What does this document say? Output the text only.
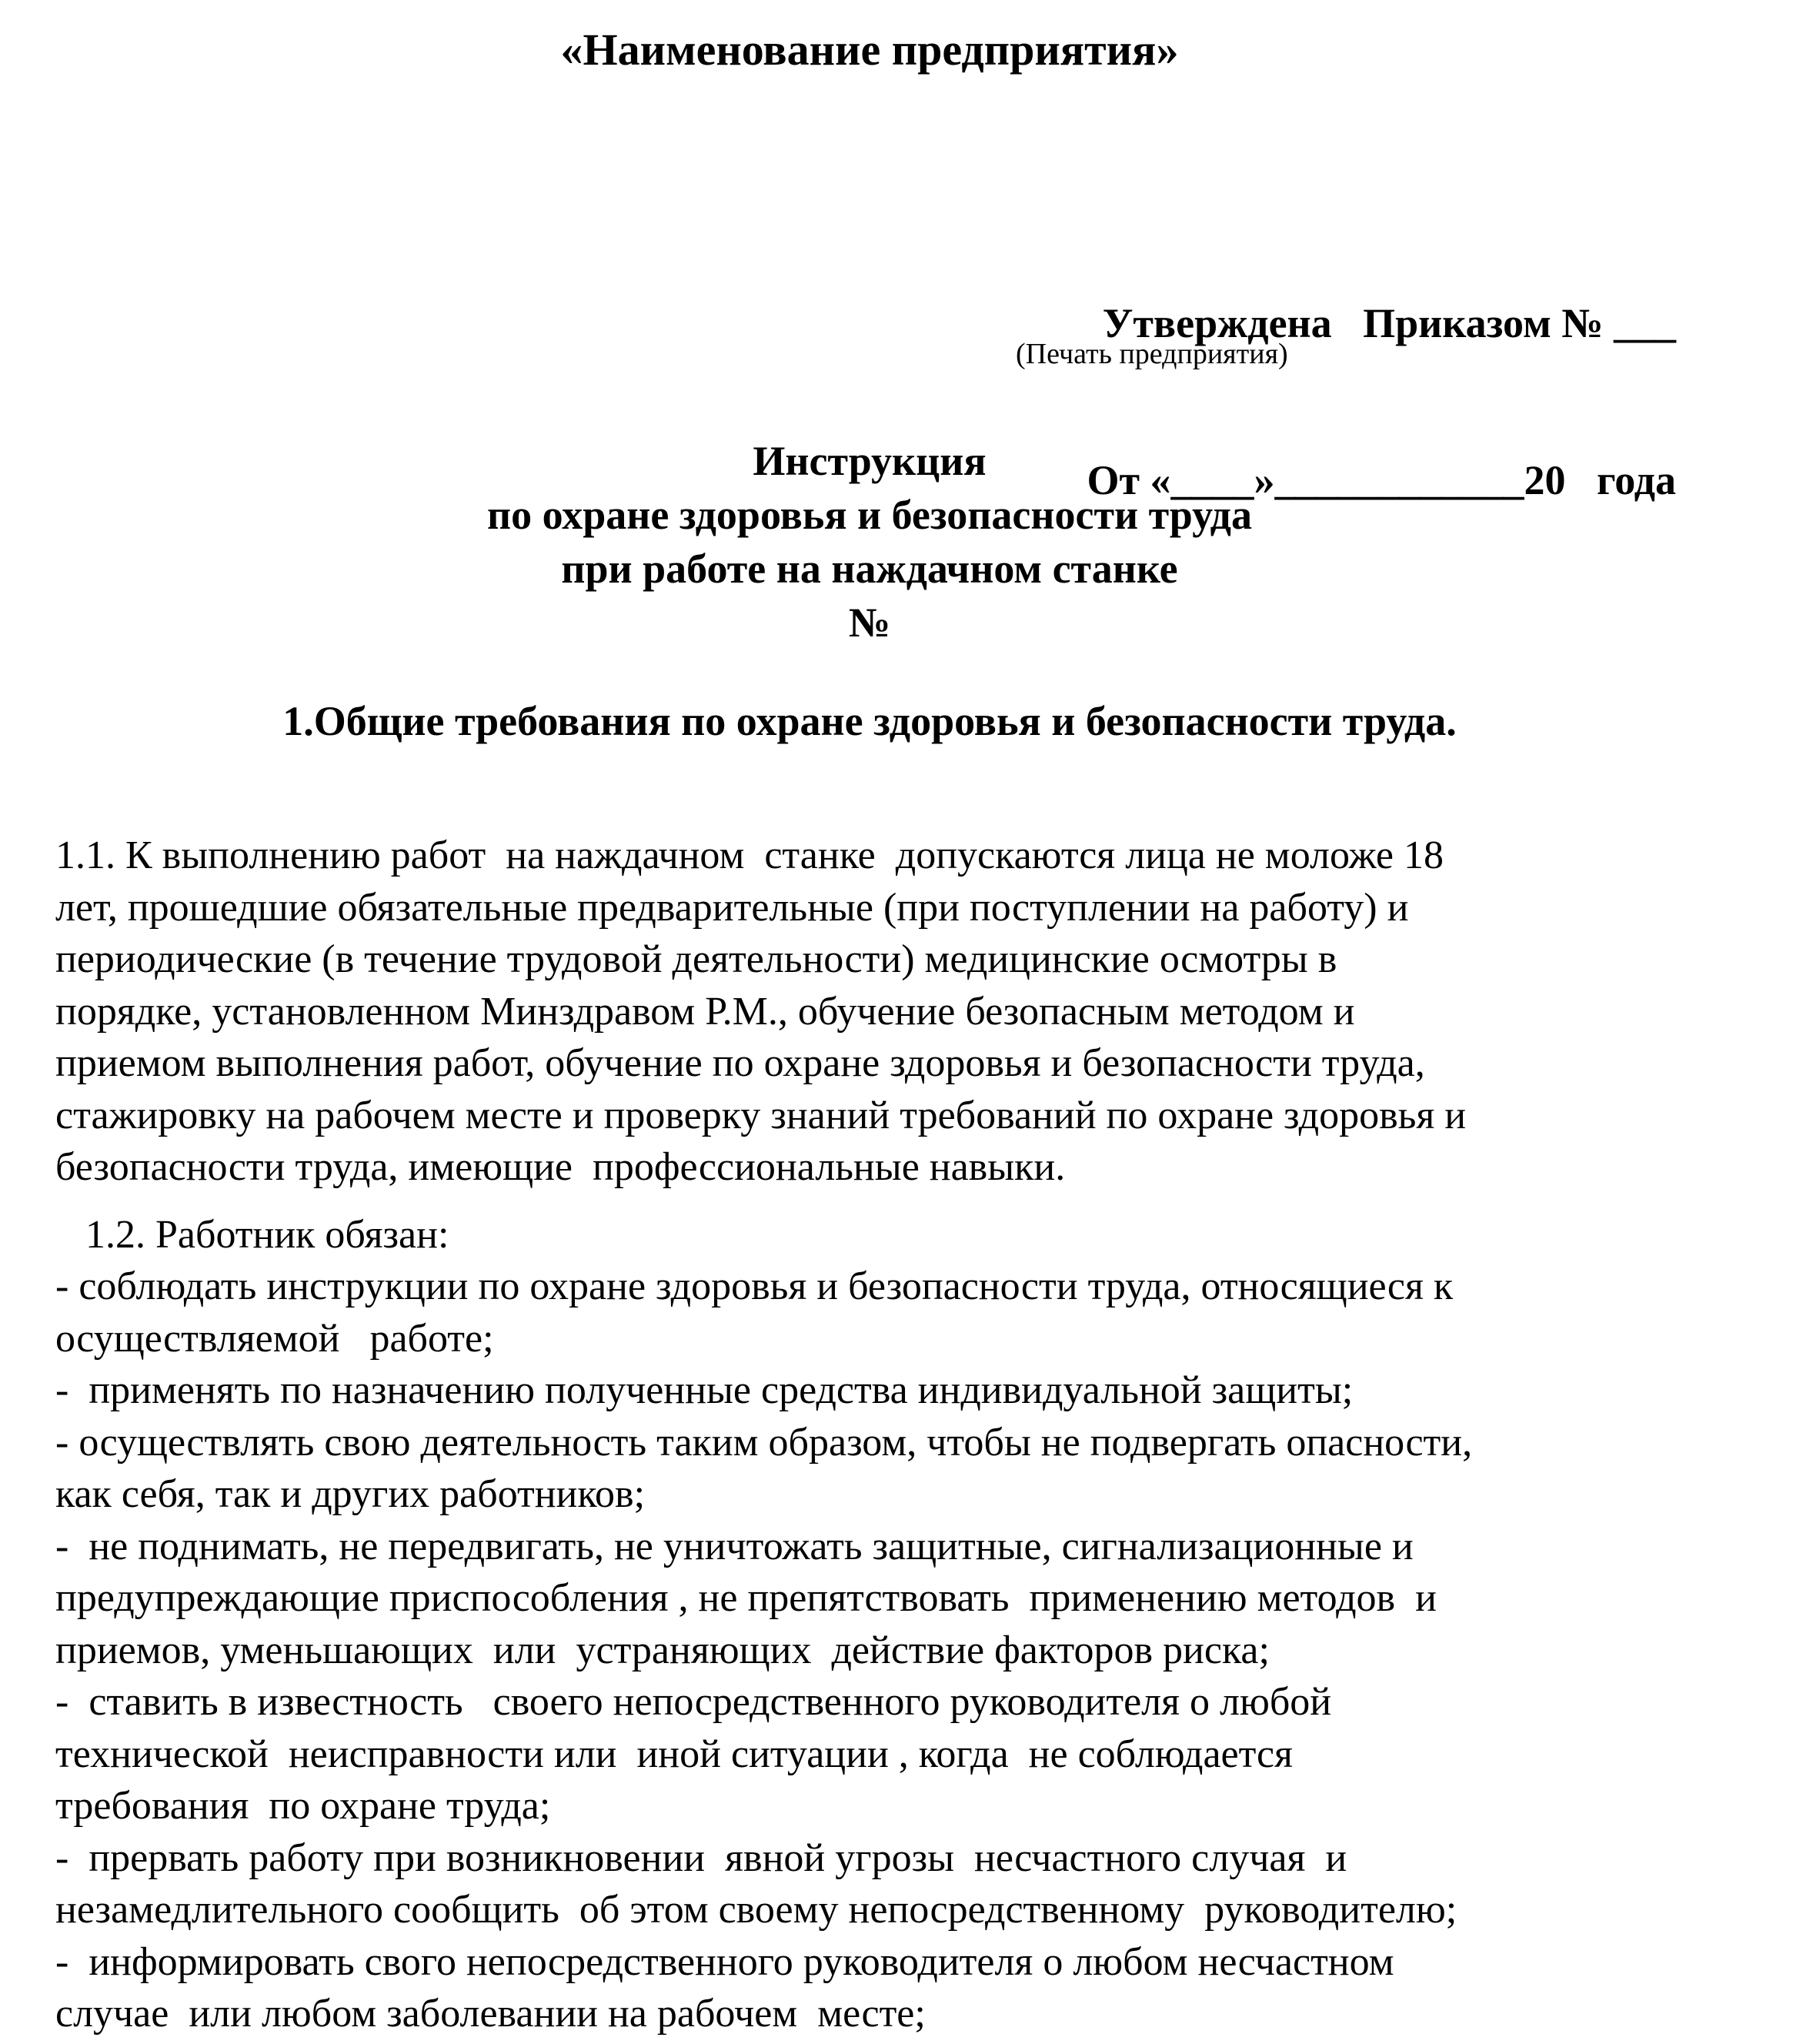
«Наименование предприятия»

Утверждена   Приказом № ___

От «____»____________20   года

(Печать предприятия)
Инструкция
по охране здоровья и безопасности труда
при работе на наждачном станке
№
1.Общие требования по охране здоровья и безопасности труда.
1.1. К выполнению работ  на наждачном  станке  допускаются лица не моложе 18
лет, прошедшие обязательные предварительные (при поступлении на работу) и
периодические (в течение трудовой деятельности) медицинские осмотры в
порядке, установленном Минздравом Р.М., обучение безопасным методом и
приемом выполнения работ, обучение по охране здоровья и безопасности труда,
стажировку на рабочем месте и проверку знаний требований по охране здоровья и
безопасности труда, имеющие  профессиональные навыки.
1.2. Работник обязан:
- соблюдать инструкции по охране здоровья и безопасности труда, относящиеся к
осуществляемой   работе;
-  применять по назначению полученные средства индивидуальной защиты;
- осуществлять свою деятельность таким образом, чтобы не подвергать опасности,
как себя, так и других работников;
-  не поднимать, не передвигать, не уничтожать защитные, сигнализационные и
предупреждающие приспособления , не препятствовать  применению методов  и
приемов, уменьшающих  или  устраняющих  действие факторов риска;
-  ставить в известность   своего непосредственного руководителя о любой
технической  неисправности или  иной ситуации , когда  не соблюдается
требования  по охране труда;
-  прервать работу при возникновении  явной угрозы  несчастного случая  и
незамедлительного сообщить  об этом своему непосредственному  руководителю;
-  информировать свого непосредственного руководителя о любом несчастном
случае  или любом заболевании на рабочем  месте;
